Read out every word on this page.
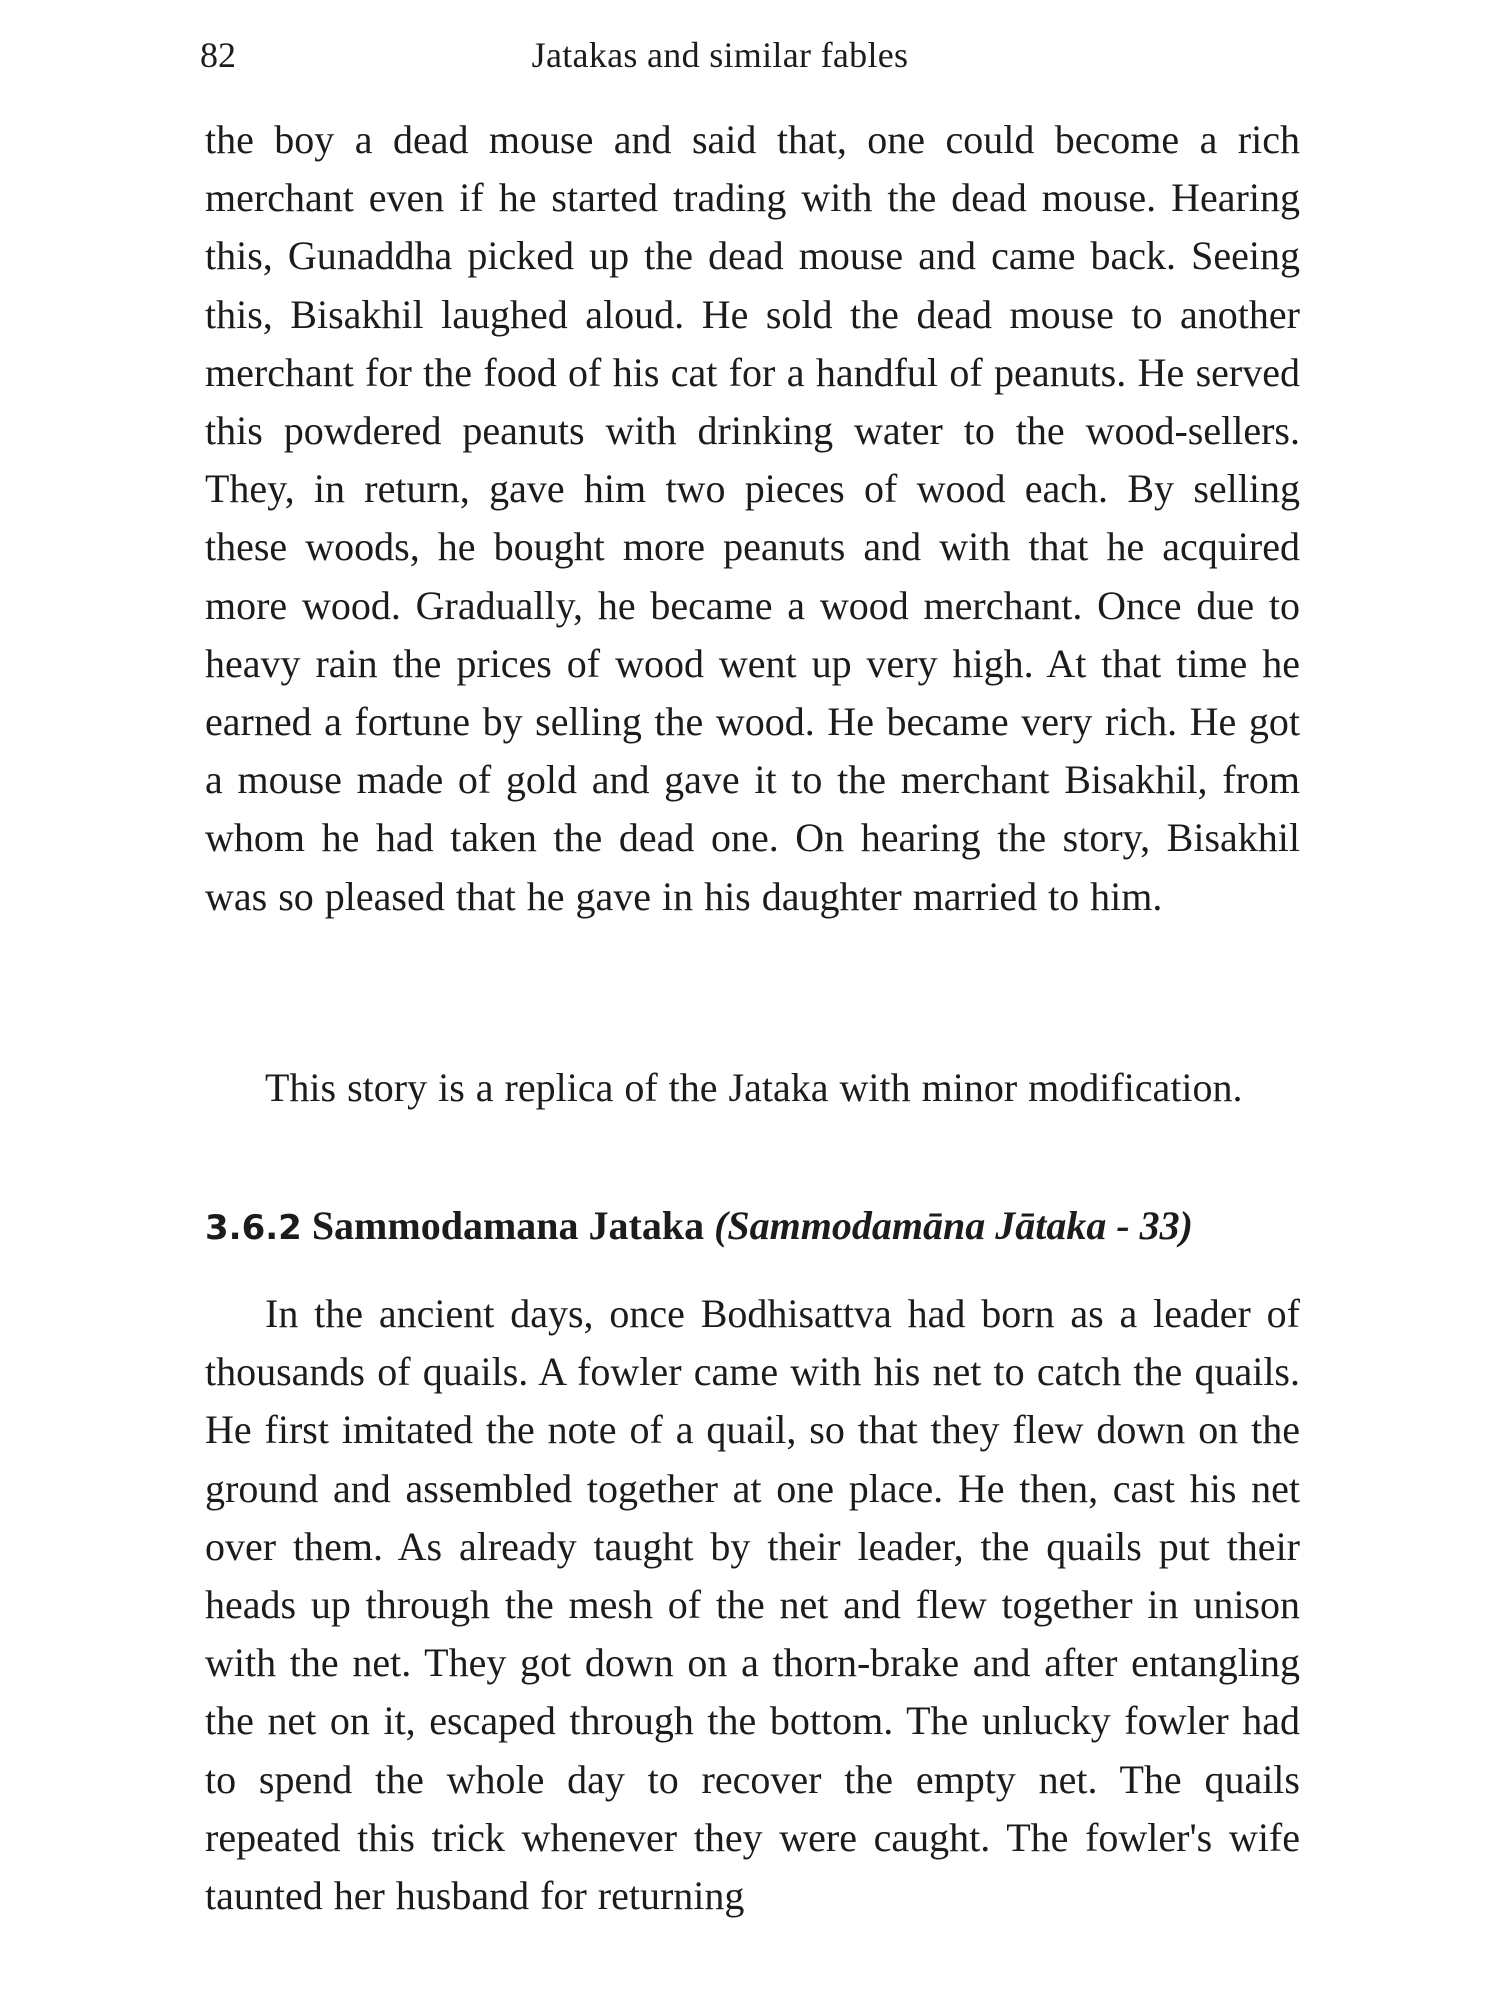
82	Jatakas and similar fables

the boy a dead mouse and said that, one could become a rich merchant even if he started trading with the dead mouse. Hearing this, Gunaddha picked up the dead mouse and came back. Seeing this, Bisakhil laughed aloud. He sold the dead mouse to another merchant for the food of his cat for a handful of peanuts. He served this powdered peanuts with drinking water to the wood-sellers. They, in return, gave him two pieces of wood each. By selling these woods, he bought more peanuts and with that he acquired more wood. Gradually, he became a wood merchant. Once due to heavy rain the prices of wood went up very high. At that time he earned a fortune by selling the wood. He became very rich. He got a mouse made of gold and gave it to the merchant Bisakhil, from whom he had taken the dead one. On hearing the story, Bisakhil was so pleased that he gave in his daughter married to him.

This story is a replica of the Jataka with minor modification.

3.6.2 Sammodamana Jataka (Sammodamāna Jātaka - 33)

In the ancient days, once Bodhisattva had born as a leader of thousands of quails. A fowler came with his net to catch the quails. He first imitated the note of a quail, so that they flew down on the ground and assembled together at one place. He then, cast his net over them. As already taught by their leader, the quails put their heads up through the mesh of the net and flew together in unison with the net. They got down on a thorn-brake and after entangling the net on it, escaped through the bottom. The unlucky fowler had to spend the whole day to recover the empty net. The quails repeated this trick whenever they were caught. The fowler's wife taunted her husband for returning
